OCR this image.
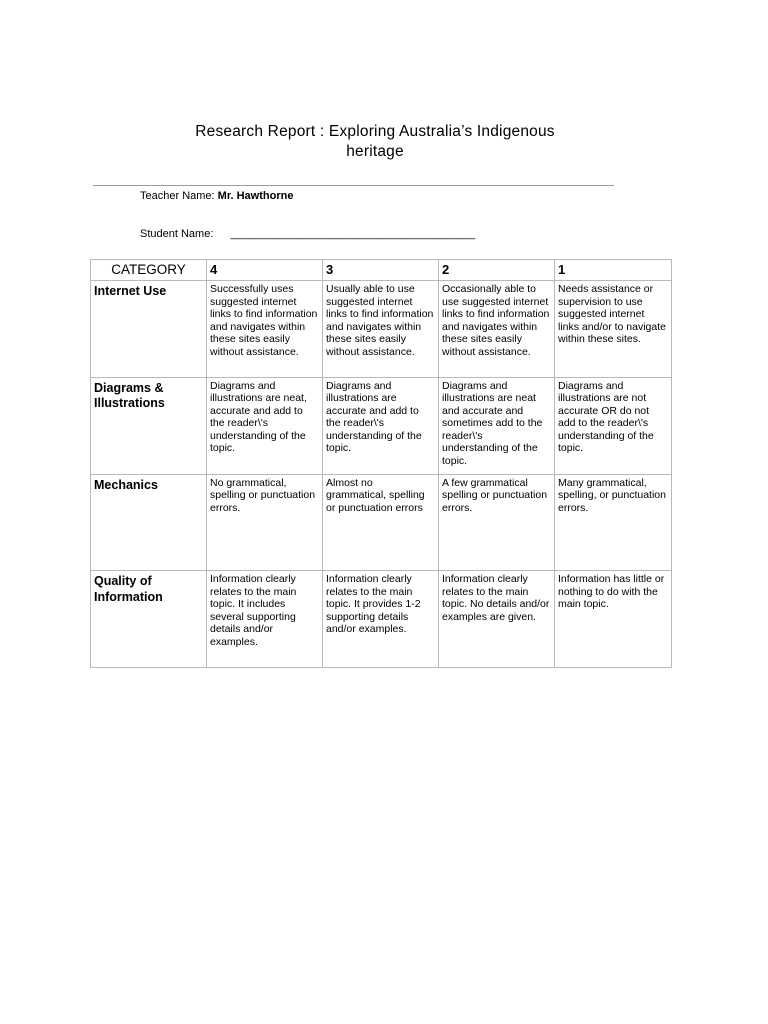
Research Report : Exploring Australia’s Indigenous
heritage
Teacher Name: Mr. Hawthorne
Student Name: ________________________________________
CATEGORY	4	3	2	1
Internet Use	Successfully uses suggested internet links to find information and navigates within these sites easily without assistance.	Usually able to use suggested internet links to find information and navigates within these sites easily without assistance.	Occasionally able to use suggested internet links to find information and navigates within these sites easily without assistance.	Needs assistance or supervision to use suggested internet links and/or to navigate within these sites.
Diagrams & Illustrations	Diagrams and illustrations are neat, accurate and add to the reader\'s understanding of the topic.	Diagrams and illustrations are accurate and add to the reader\'s understanding of the topic.	Diagrams and illustrations are neat and accurate and sometimes add to the reader\'s understanding of the topic.	Diagrams and illustrations are not accurate OR do not add to the reader\'s understanding of the topic.
Mechanics	No grammatical, spelling or punctuation errors.	Almost no grammatical, spelling or punctuation errors	A few grammatical spelling or punctuation errors.	Many grammatical, spelling, or punctuation errors.
Quality of Information	Information clearly relates to the main topic. It includes several supporting details and/or examples.	Information clearly relates to the main topic. It provides 1-2 supporting details and/or examples.	Information clearly relates to the main topic. No details and/or examples are given.	Information has little or nothing to do with the main topic.
